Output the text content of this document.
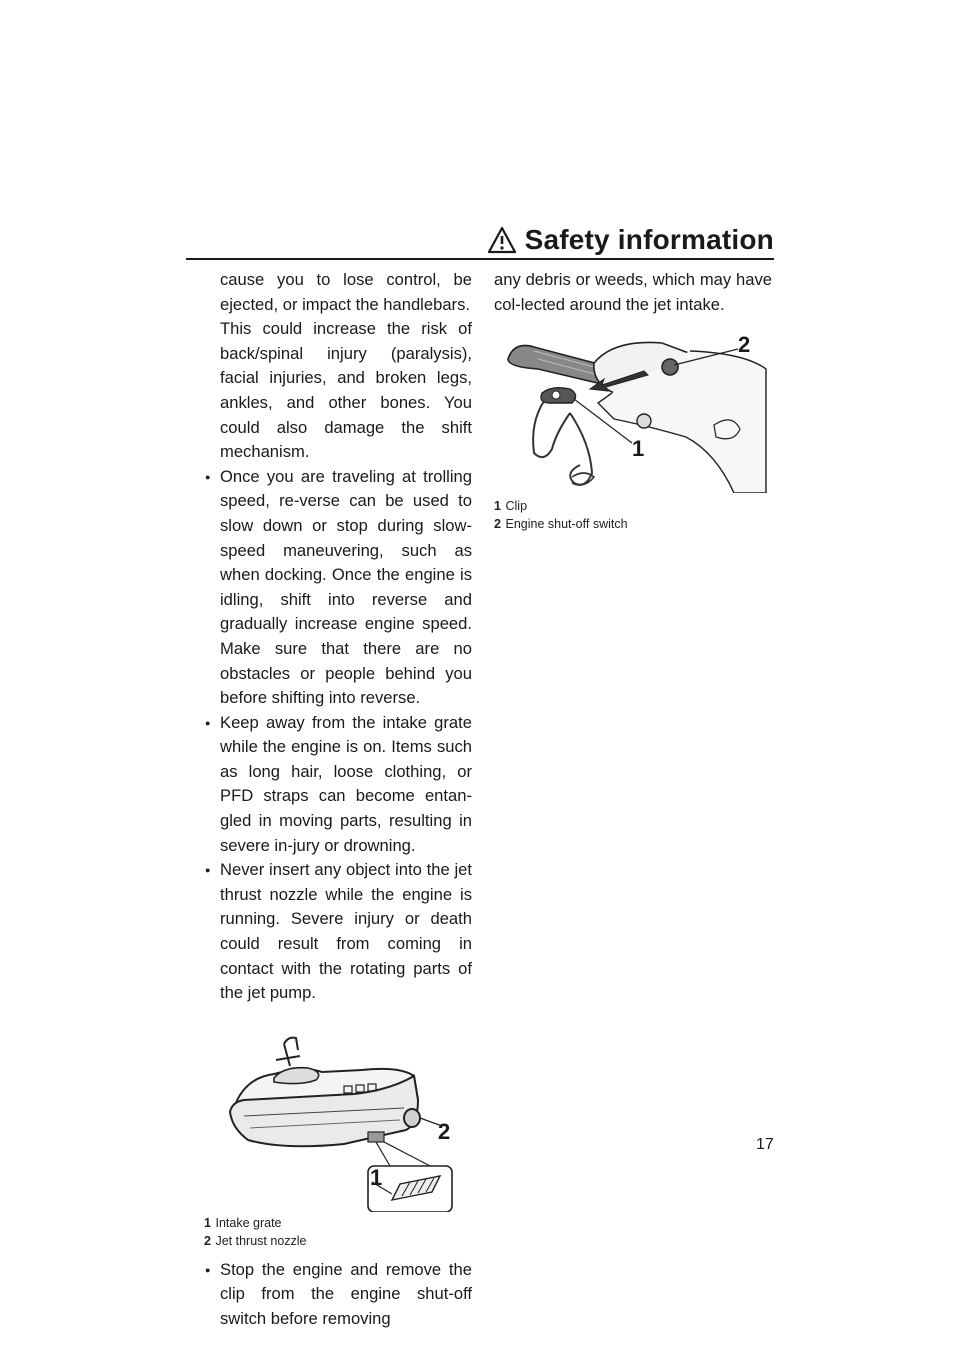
Safety information

cause you to lose control, be ejected, or impact the handlebars.

This could increase the risk of back/spinal injury (paralysis), facial injuries, and broken legs, ankles, and other bones. You could also damage the shift mechanism.

● Once you are traveling at trolling speed, re-verse can be used to slow down or stop during slow-speed maneuvering, such as when docking. Once the engine is idling, shift into reverse and gradually increase engine speed. Make sure that there are no obstacles or people behind you before shifting into reverse.

● Keep away from the intake grate while the engine is on. Items such as long hair, loose clothing, or PFD straps can become entan-gled in moving parts, resulting in severe in-jury or drowning.

● Never insert any object into the jet thrust nozzle while the engine is running. Severe injury or death could result from coming in contact with the rotating parts of the jet pump.

1
2
1 Intake grate
2 Jet thrust nozzle

● Stop the engine and remove the clip from the engine shut-off switch before removing

any debris or weeds, which may have col-lected around the jet intake.

1
2
1 Clip
2 Engine shut-off switch
17
